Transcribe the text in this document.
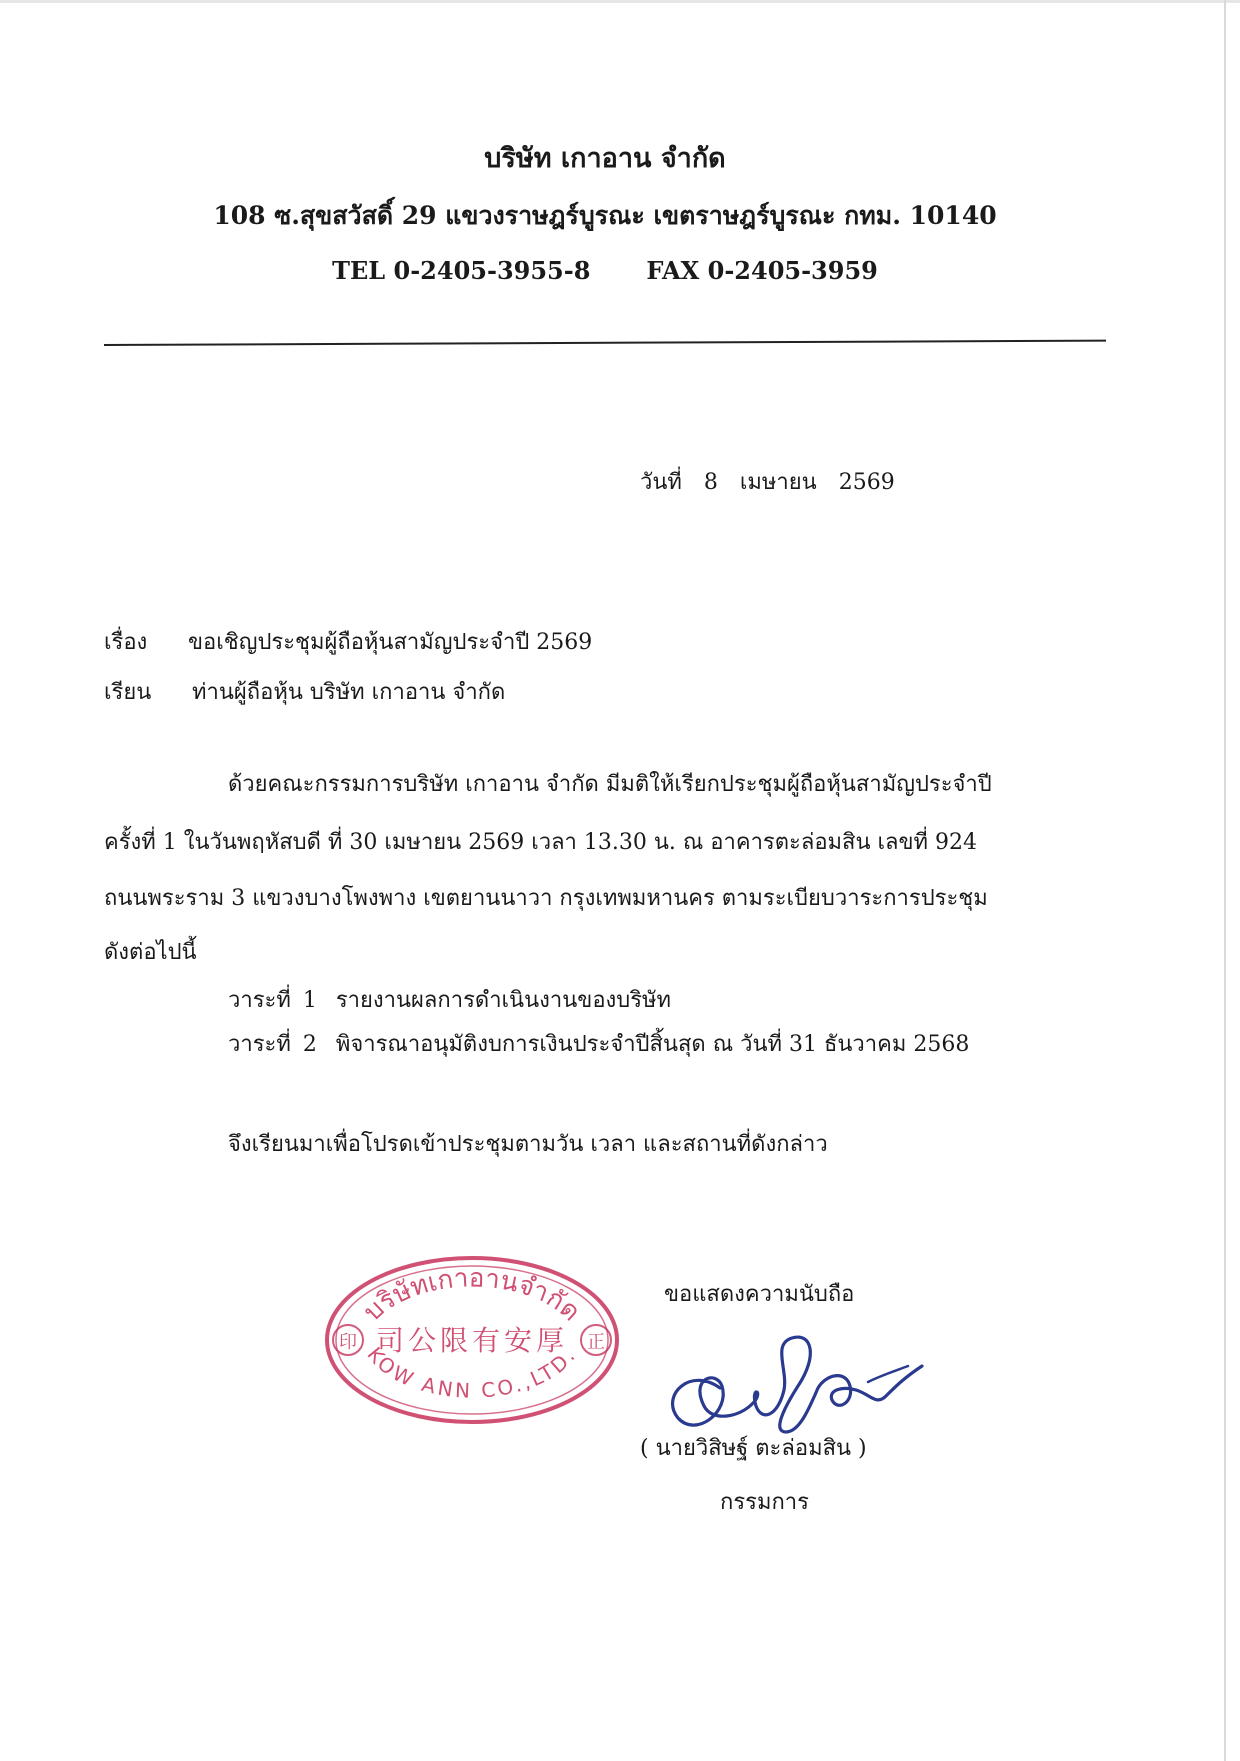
บริษัท เกาอาน จำกัด
108 ซ.สุขสวัสดิ์ 29 แขวงราษฎร์บูรณะ เขตราษฎร์บูรณะ กทม. 10140
TEL 0-2405-3955-8 FAX 0-2405-3959
วันที่ 8 เมษายน 2569
เรื่อง ขอเชิญประชุมผู้ถือหุ้นสามัญประจำปี 2569
เรียน ท่านผู้ถือหุ้น บริษัท เกาอาน จำกัด
ด้วยคณะกรรมการบริษัท เกาอาน จำกัด มีมติให้เรียกประชุมผู้ถือหุ้นสามัญประจำปี
ครั้งที่ 1 ในวันพฤหัสบดี ที่ 30 เมษายน 2569 เวลา 13.30 น. ณ อาคารตะล่อมสิน เลขที่ 924
ถนนพระราม 3 แขวงบางโพงพาง เขตยานนาวา กรุงเทพมหานคร ตามระเบียบวาระการประชุม
ดังต่อไปนี้
วาระที่ 1 รายงานผลการดำเนินงานของบริษัท
วาระที่ 2 พิจารณาอนุมัติงบการเงินประจำปีสิ้นสุด ณ วันที่ 31 ธันวาคม 2568
จึงเรียนมาเพื่อโปรดเข้าประชุมตามวัน เวลา และสถานที่ดังกล่าว
บริษัทเกาอานจำกัด
印	正
司公限有安厚
KOW ANN CO.,LTD.
ขอแสดงความนับถือ
( นายวิสิษฐ์ ตะล่อมสิน )
กรรมการ
